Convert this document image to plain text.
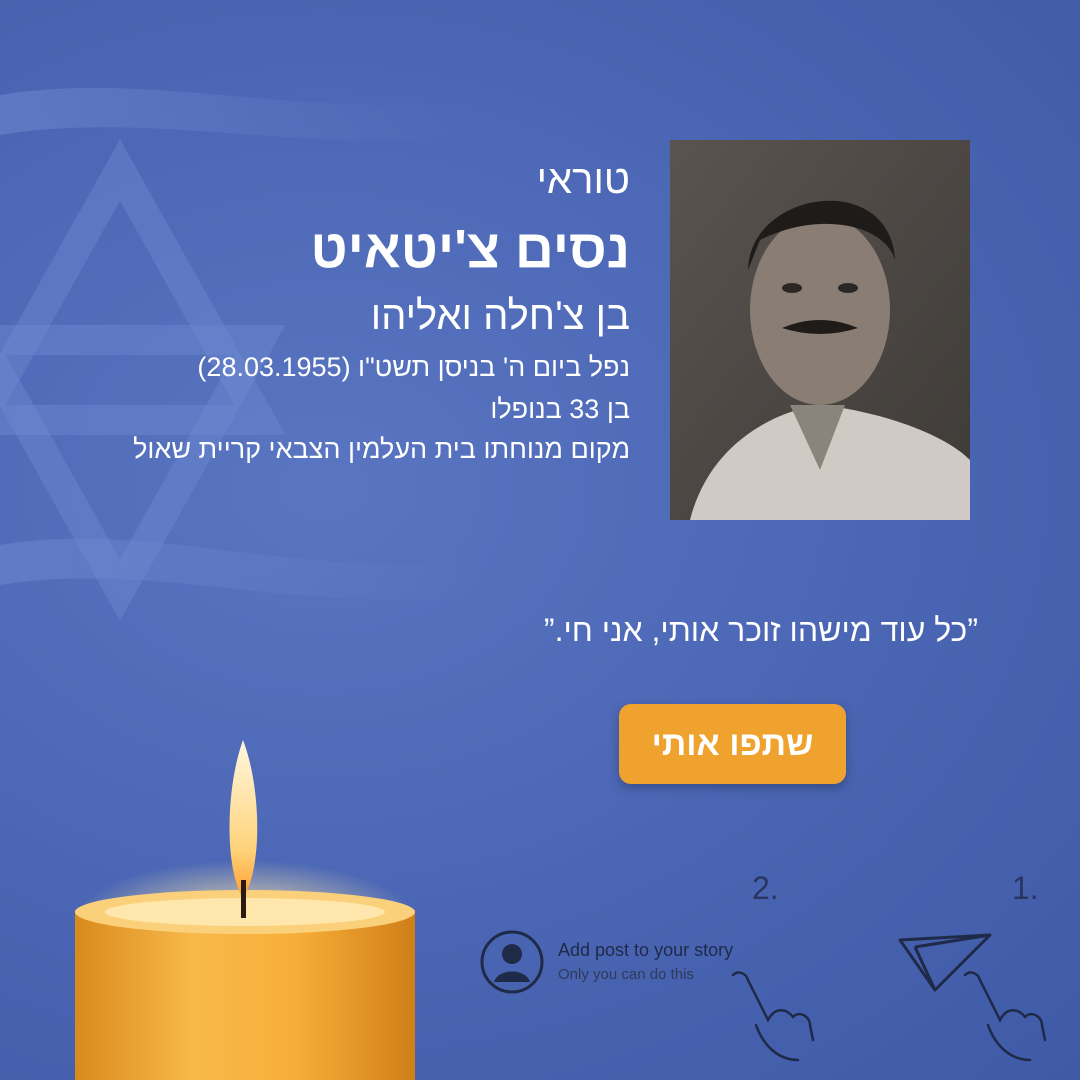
טוראי
נסים צ'יטאיט
בן צ'חלה ואליהו
נפל ביום ה' בניסן תשט"ו (28.03.1955)
בן 33 בנופלו
מקום מנוחתו בית העלמין הצבאי קריית שאול
”כל עוד מישהו זוכר אותי, אני חי.”
שתפו אותי
2.	1.
Add post to your story
Only you can do this
